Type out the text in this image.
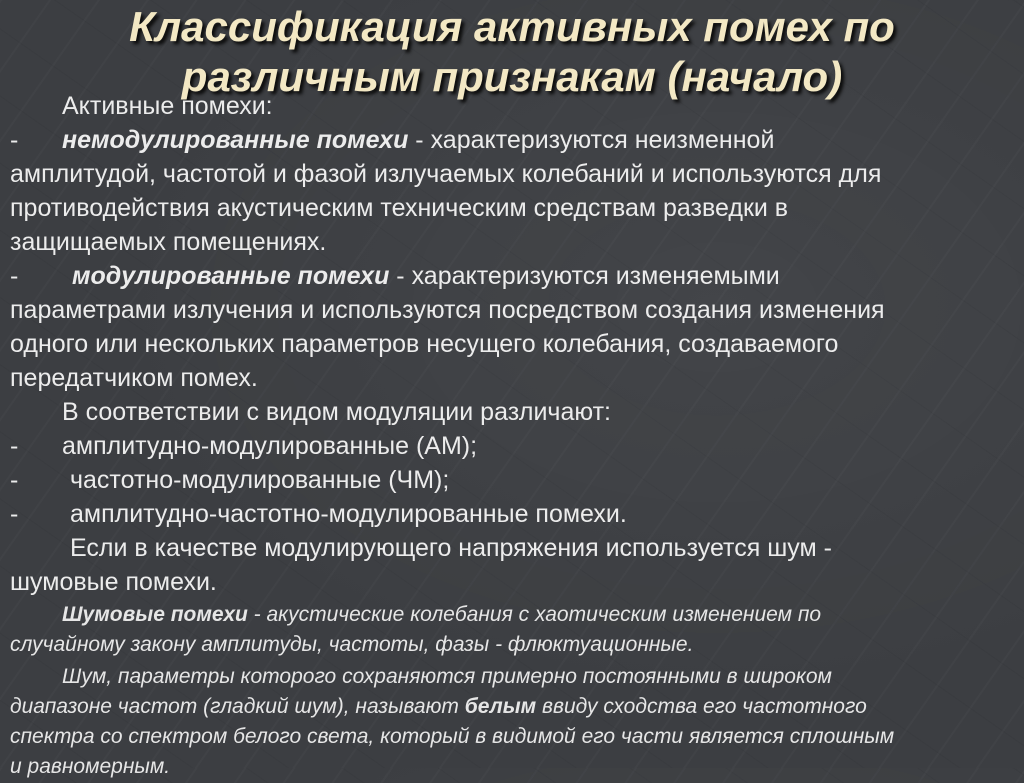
Классификация активных помех по
различным признакам (начало)
Активные помехи:
- немодулированные помехи - характеризуются неизменной
амплитудой, частотой и фазой излучаемых колебаний и используются для
противодействия акустическим техническим средствам разведки в
защищаемых помещениях.
- модулированные помехи - характеризуются изменяемыми
параметрами излучения и используются посредством создания изменения
одного или нескольких параметров несущего колебания, создаваемого
передатчиком помех.
В соответствии с видом модуляции различают:
- амплитудно-модулированные (АМ);
- частотно-модулированные (ЧМ);
- амплитудно-частотно-модулированные помехи.
Если в качестве модулирующего напряжения используется шум -
шумовые помехи.
Шумовые помехи - акустические колебания с хаотическим изменением по
случайному закону амплитуды, частоты, фазы - флюктуационные.
Шум, параметры которого сохраняются примерно постоянными в широком
диапазоне частот (гладкий шум), называют белым ввиду сходства его частотного
спектра со спектром белого света, который в видимой его части является сплошным
и равномерным.
